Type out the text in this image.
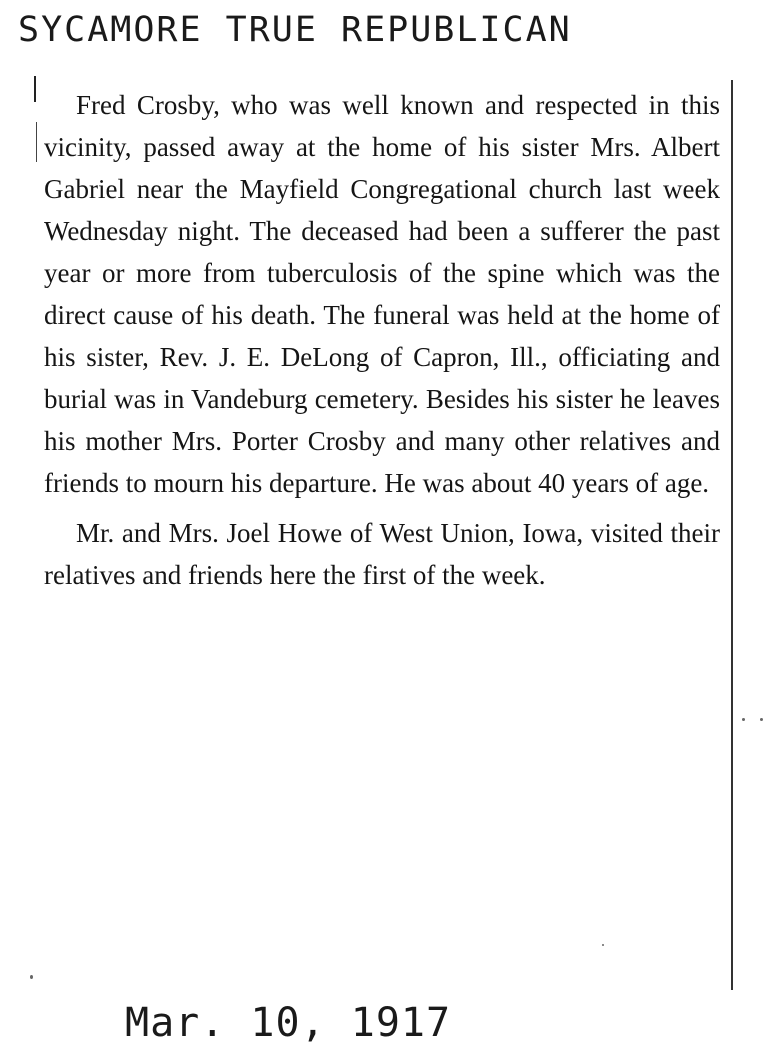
SYCAMORE TRUE REPUBLICAN

Fred Crosby, who was well known and respected in this vicinity, passed away at the home of his sister Mrs. Albert Gabriel near the Mayfield Congregational church last week Wednesday night. The deceased had been a sufferer the past year or more from tuberculosis of the spine which was the direct cause of his death. The funeral was held at the home of his sister, Rev. J. E. DeLong of Capron, Ill., officiating and burial was in Vandeburg cemetery. Besides his sister he leaves his mother Mrs. Porter Crosby and many other relatives and friends to mourn his departure. He was about 40 years of age.

Mr. and Mrs. Joel Howe of West Union, Iowa, visited their relatives and friends here the first of the week.

Mar. 10, 1917
